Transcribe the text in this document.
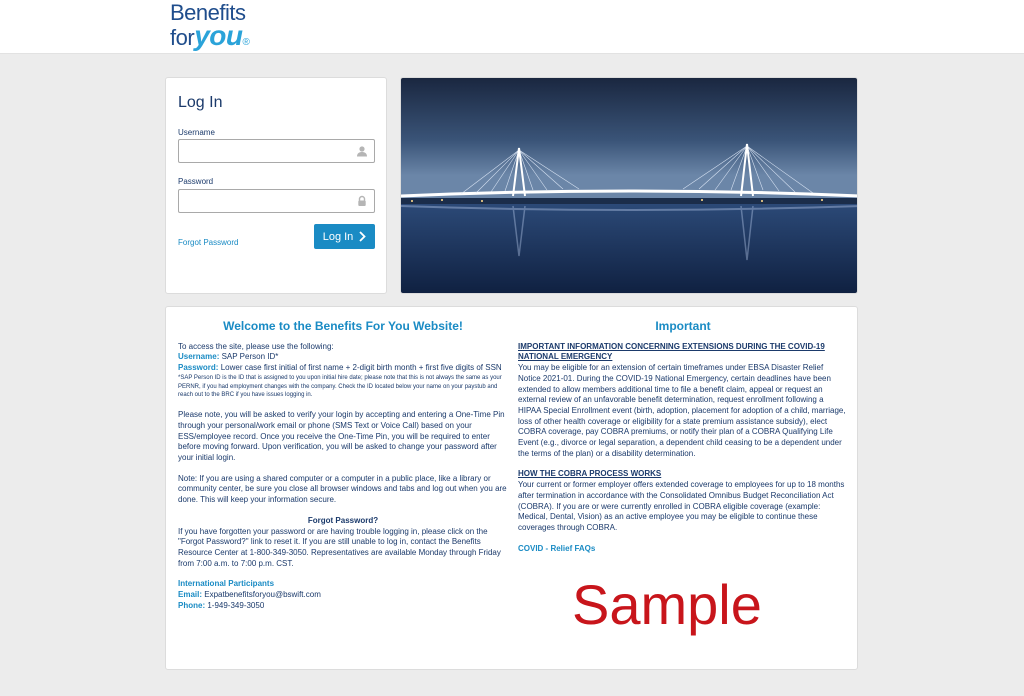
Benefits
foryou®
Log In
Username
Password
Forgot Password	Log In
Welcome to the Benefits For You Website!

To access the site, please use the following:

Username: SAP Person ID*

Password: Lower case first initial of first name + 2-digit birth month + first five digits of SSN

*SAP Person ID is the ID that is assigned to you upon initial hire date; please note that this is not always the same as your PERNR, if you had employment changes with the company. Check the ID located below your name on your paystub and reach out to the BRC if you have issues logging in.

Please note, you will be asked to verify your login by accepting and entering a One-Time Pin through your personal/work email or phone (SMS Text or Voice Call) based on your ESS/employee record. Once you receive the One-Time Pin, you will be required to enter before moving forward. Upon verification, you will be asked to change your password after your initial login.

Note: If you are using a shared computer or a computer in a public place, like a library or community center, be sure you close all browser windows and tabs and log out when you are done. This will keep your information secure.

Forgot Password?

If you have forgotten your password or are having trouble logging in, please click on the "Forgot Password?" link to reset it. If you are still unable to log in, contact the Benefits Resource Center at 1-800-349-3050. Representatives are available Monday through Friday from 7:00 a.m. to 7:00 p.m. CST.

International Participants

Email: Expatbenefitsforyou@bswift.com

Phone: 1-949-349-3050

Important

IMPORTANT INFORMATION CONCERNING EXTENSIONS DURING THE COVID-19 NATIONAL EMERGENCY

You may be eligible for an extension of certain timeframes under EBSA Disaster Relief Notice 2021-01. During the COVID-19 National Emergency, certain deadlines have been extended to allow members additional time to file a benefit claim, appeal or request an external review of an unfavorable benefit determination, request enrollment following a HIPAA Special Enrollment event (birth, adoption, placement for adoption of a child, marriage, loss of other health coverage or eligibility for a state premium assistance subsidy), elect COBRA coverage, pay COBRA premiums, or notify their plan of a COBRA Qualifying Life Event (e.g., divorce or legal separation, a dependent child ceasing to be a dependent under the terms of the plan) or a disability determination.

HOW THE COBRA PROCESS WORKS

Your current or former employer offers extended coverage to employees for up to 18 months after termination in accordance with the Consolidated Omnibus Budget Reconciliation Act (COBRA). If you are or were currently enrolled in COBRA eligible coverage (example: Medical, Dental, Vision) as an active employee you may be eligible to continue these coverages through COBRA.

COVID - Relief FAQs
Sample
